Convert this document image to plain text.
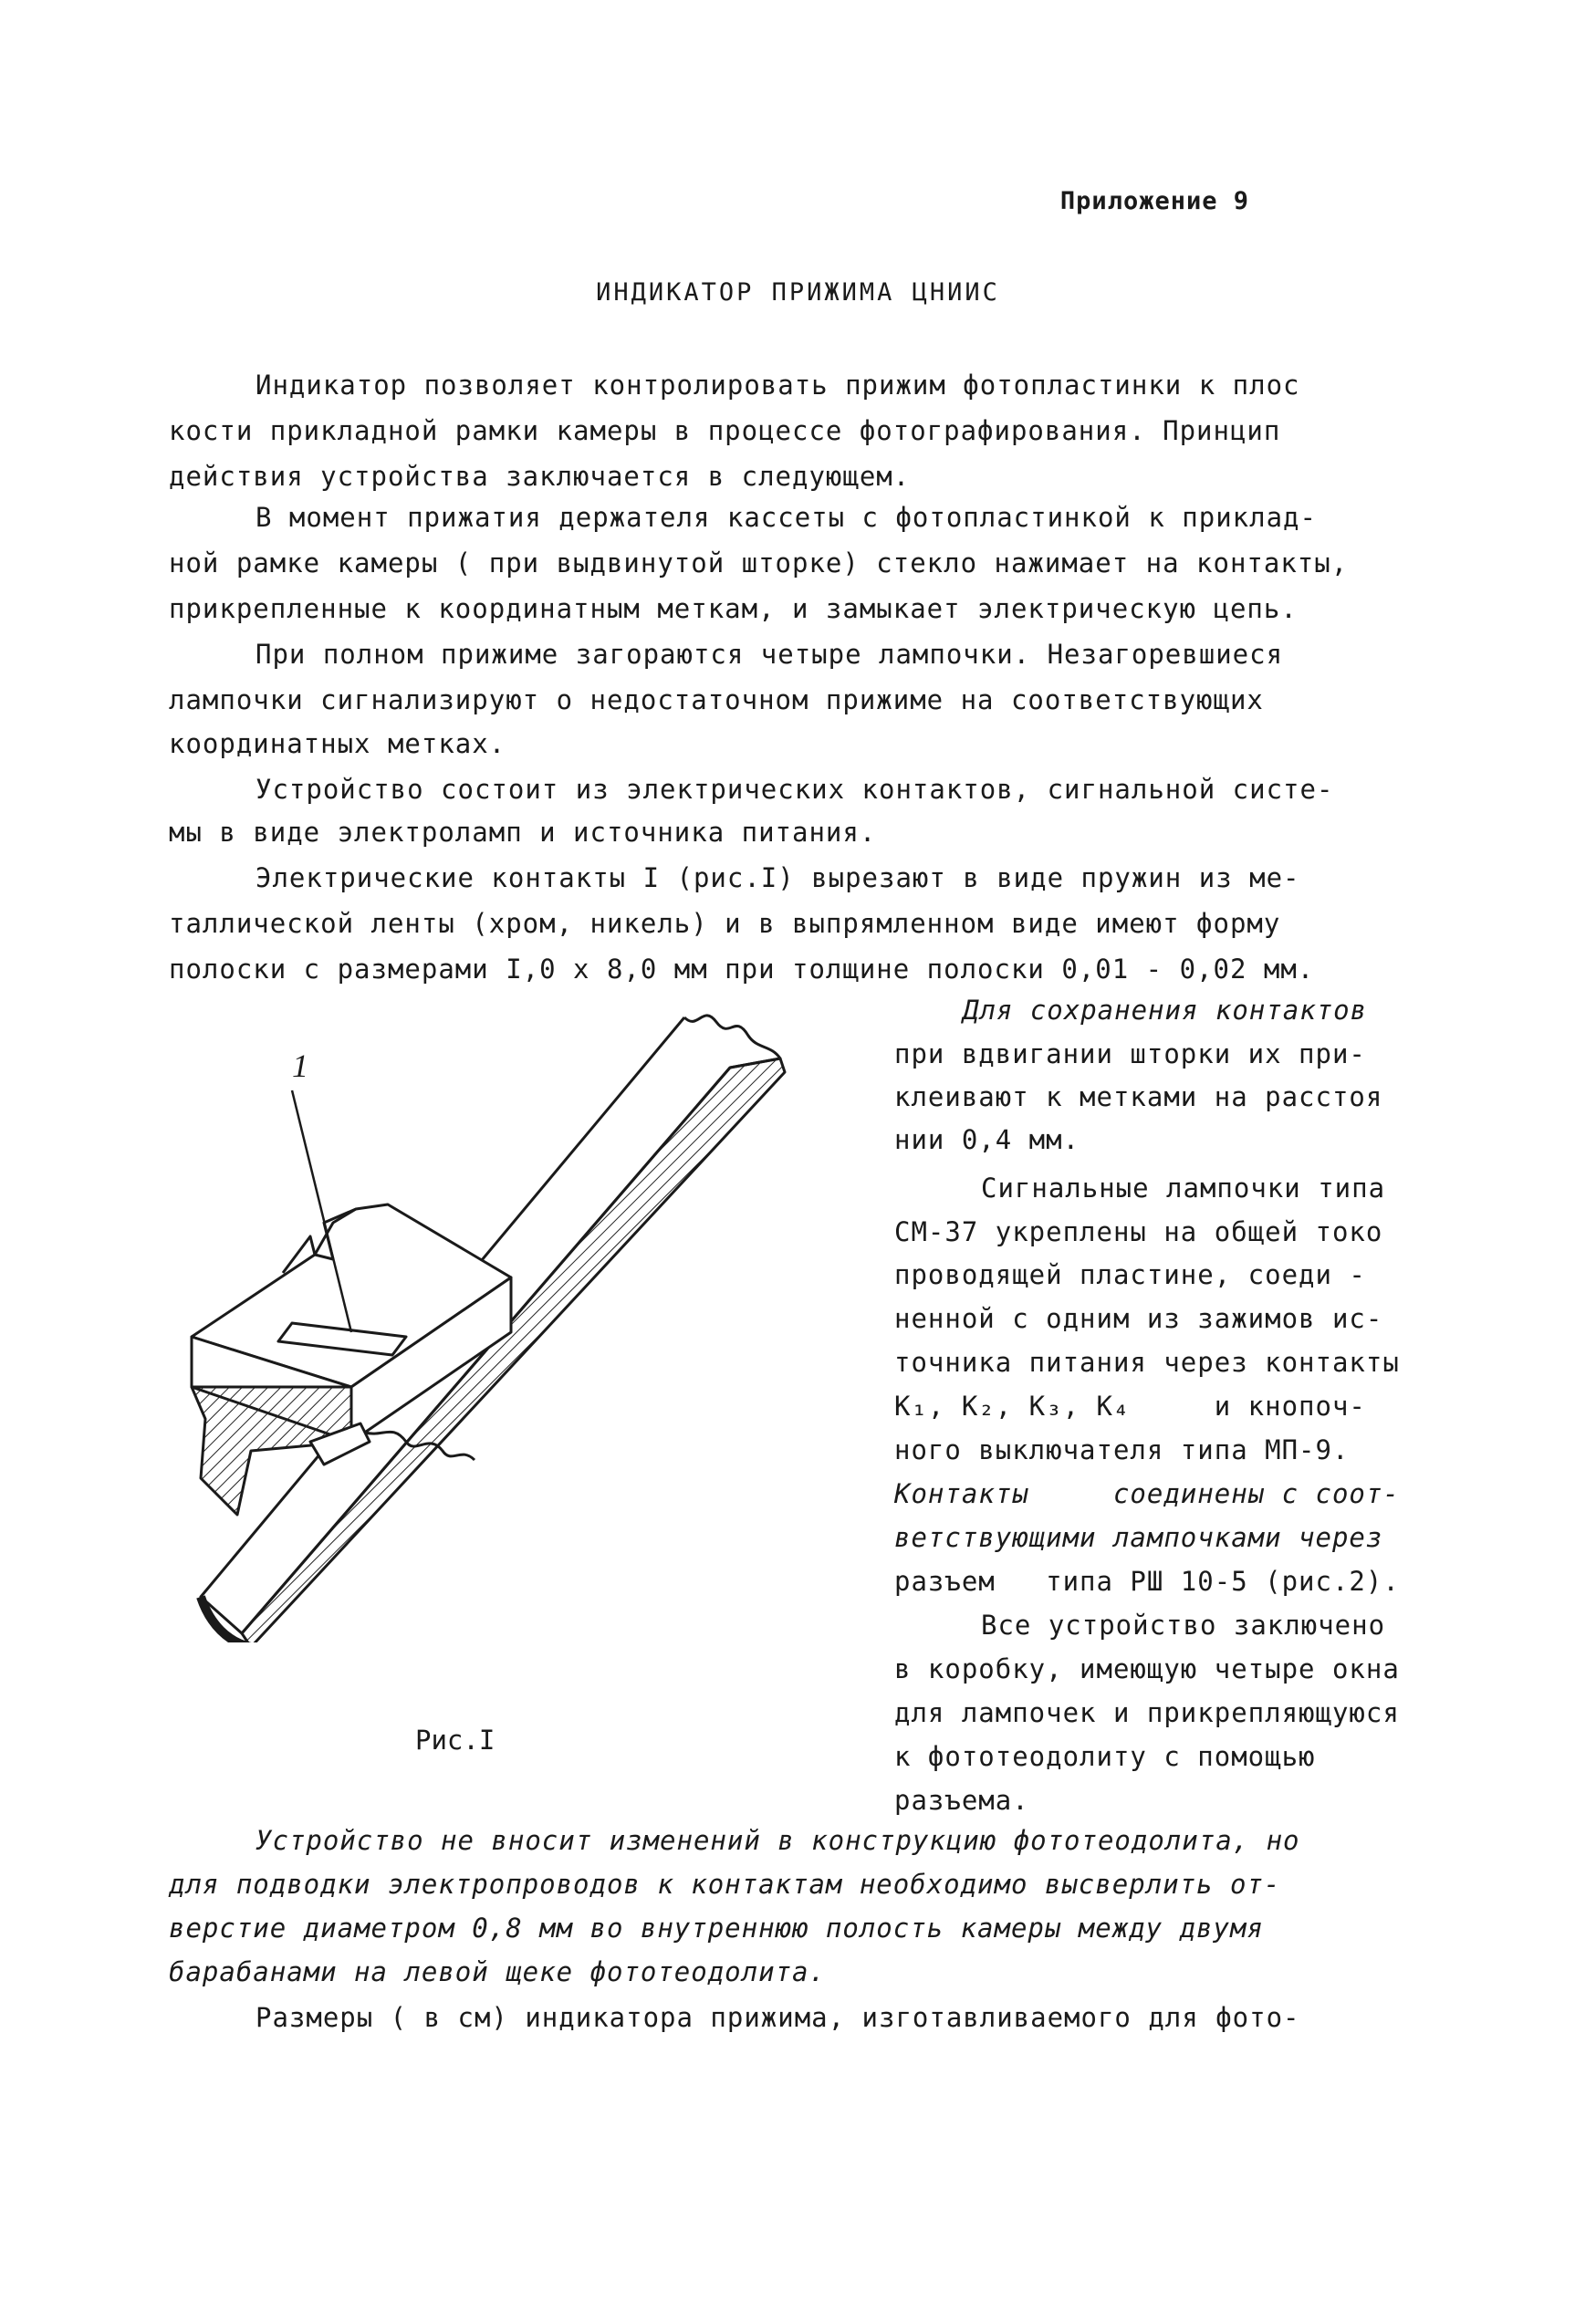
Приложение 9
ИНДИКАТОР ПРИЖИМА ЦНИИС
Индикатор позволяет контролировать прижим фотопластинки к плос
кости прикладной рамки камеры в процессе фотографирования. Принцип
действия устройства заключается в следующем.
В момент прижатия держателя кассеты с фотопластинкой к приклад-
ной рамке камеры ( при выдвинутой шторке) стекло нажимает на контакты,
прикрепленные к координатным меткам, и замыкает электрическую цепь.
При полном прижиме загораются четыре лампочки. Незагоревшиеся
лампочки сигнализируют о недостаточном прижиме на соответствующих
координатных метках.
Устройство состоит из электрических контактов, сигнальной систе-
мы в виде электроламп и источника питания.
Электрические контакты I (рис.I) вырезают в виде пружин из ме-
таллической ленты (хром, никель) и в выпрямленном виде имеют форму
полоски с размерами I,0 x 8,0 мм при толщине полоски 0,01 - 0,02 мм.
Для сохранения контактов
при вдвигании шторки их при-
клеивают к метками на расстоя
нии 0,4 мм.
Сигнальные лампочки типа
СМ-37 укреплены на общей токо
проводящей пластине, соеди -
ненной с одним из зажимов ис-
точника питания через контакты
К₁, К₂, К₃, К₄     и кнопоч-
ного выключателя типа МП-9.
Контакты     соединены с соот-
ветствующими лампочками через
разъем   типа РШ 10-5 (рис.2).
Все устройство заключено
в коробку, имеющую четыре окна
для лампочек и прикрепляющуюся
к фототеодолиту с помощью
разъема.
1
Рис.I
Устройство не вносит изменений в конструкцию фототеодолита, но
для подводки электропроводов к контактам необходимо высверлить от-
верстие диаметром 0,8 мм во внутреннюю полость камеры между двумя
барабанами на левой щеке фототеодолита.
Размеры ( в см) индикатора прижима, изготавливаемого для фото-
